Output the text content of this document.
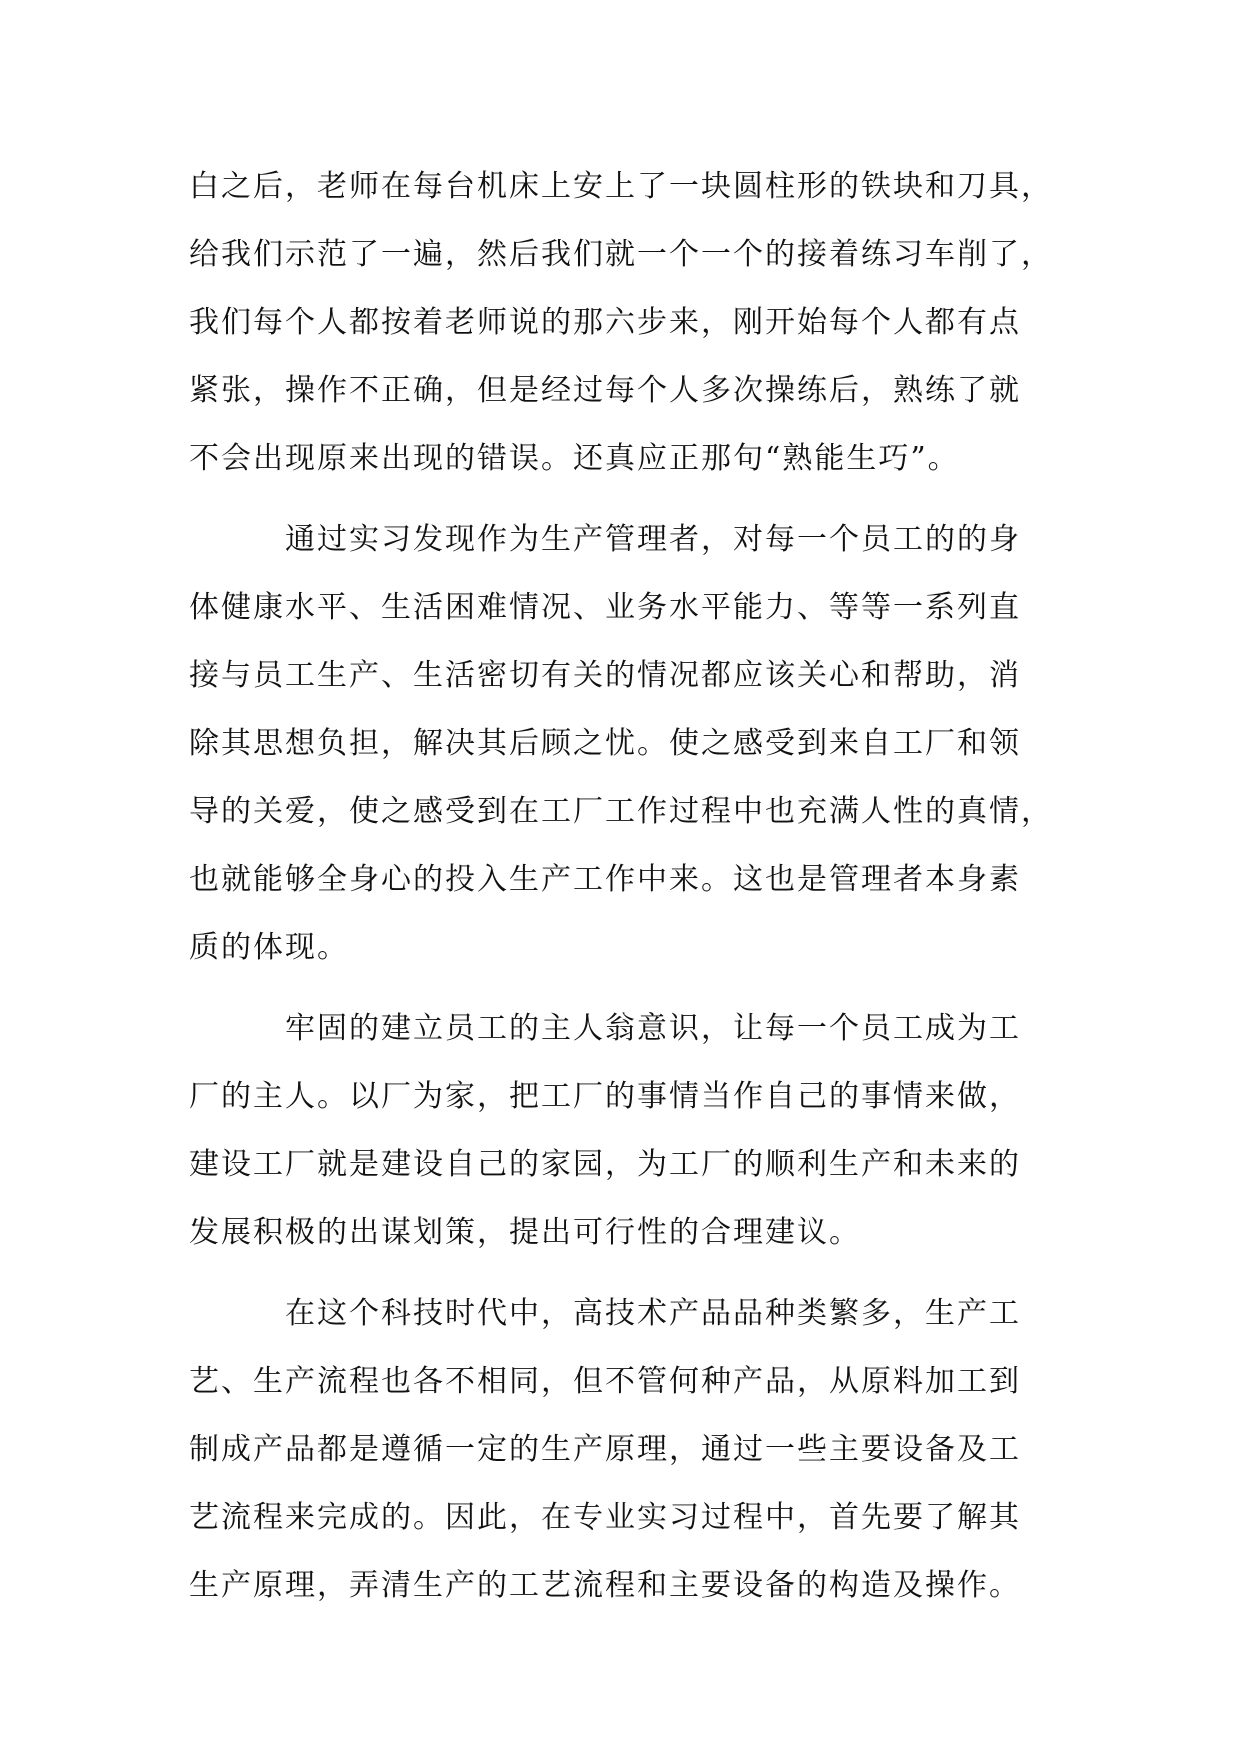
白之后，老师在每台机床上安上了一块圆柱形的铁块和刀具，
给我们示范了一遍，然后我们就一个一个的接着练习车削了，
我们每个人都按着老师说的那六步来，刚开始每个人都有点
紧张，操作不正确，但是经过每个人多次操练后，熟练了就
不会出现原来出现的错误。还真应正那句“熟能生巧”。
通过实习发现作为生产管理者，对每一个员工的的身
体健康水平、生活困难情况、业务水平能力、等等一系列直
接与员工生产、生活密切有关的情况都应该关心和帮助，消
除其思想负担，解决其后顾之忧。使之感受到来自工厂和领
导的关爱，使之感受到在工厂工作过程中也充满人性的真情，
也就能够全身心的投入生产工作中来。这也是管理者本身素
质的体现。
牢固的建立员工的主人翁意识，让每一个员工成为工
厂的主人。以厂为家，把工厂的事情当作自己的事情来做，
建设工厂就是建设自己的家园，为工厂的顺利生产和未来的
发展积极的出谋划策，提出可行性的合理建议。
在这个科技时代中，高技术产品品种类繁多，生产工
艺、生产流程也各不相同，但不管何种产品，从原料加工到
制成产品都是遵循一定的生产原理，通过一些主要设备及工
艺流程来完成的。因此，在专业实习过程中，首先要了解其
生产原理，弄清生产的工艺流程和主要设备的构造及操作。
